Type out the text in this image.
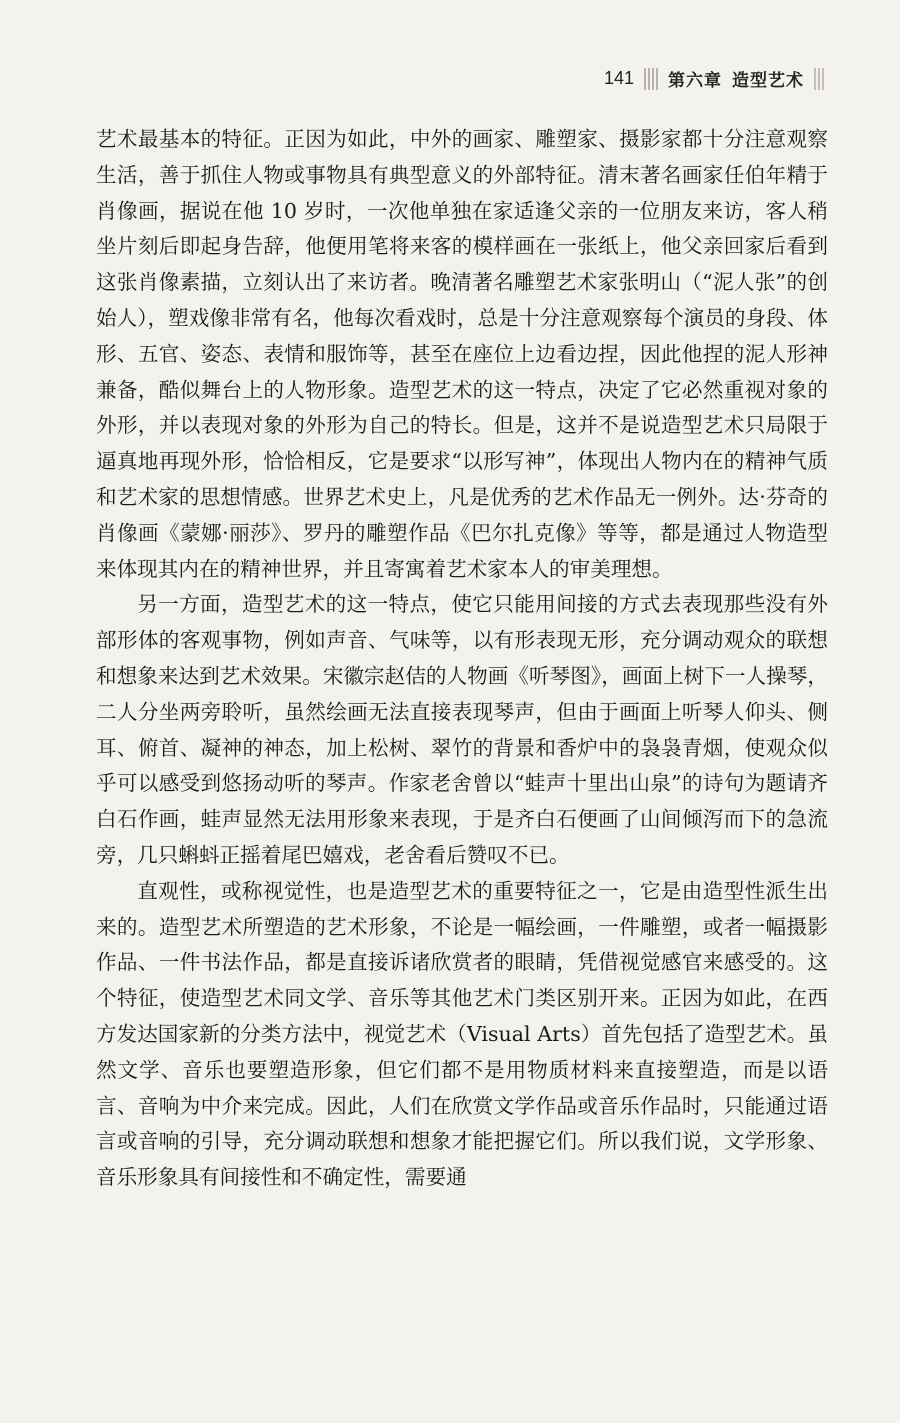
141 第六章 造型艺术

艺术最基本的特征。正因为如此，中外的画家、雕塑家、摄影家都十分注意观察生活，善于抓住人物或事物具有典型意义的外部特征。清末著名画家任伯年精于肖像画，据说在他 10 岁时，一次他单独在家适逢父亲的一位朋友来访，客人稍坐片刻后即起身告辞，他便用笔将来客的模样画在一张纸上，他父亲回家后看到这张肖像素描，立刻认出了来访者。晚清著名雕塑艺术家张明山（“泥人张”的创始人），塑戏像非常有名，他每次看戏时，总是十分注意观察每个演员的身段、体形、五官、姿态、表情和服饰等，甚至在座位上边看边捏，因此他捏的泥人形神兼备，酷似舞台上的人物形象。造型艺术的这一特点，决定了它必然重视对象的外形，并以表现对象的外形为自己的特长。但是，这并不是说造型艺术只局限于逼真地再现外形，恰恰相反，它是要求“以形写神”，体现出人物内在的精神气质和艺术家的思想情感。世界艺术史上，凡是优秀的艺术作品无一例外。达·芬奇的肖像画《蒙娜·丽莎》、罗丹的雕塑作品《巴尔扎克像》等等，都是通过人物造型来体现其内在的精神世界，并且寄寓着艺术家本人的审美理想。

另一方面，造型艺术的这一特点，使它只能用间接的方式去表现那些没有外部形体的客观事物，例如声音、气味等，以有形表现无形，充分调动观众的联想和想象来达到艺术效果。宋徽宗赵佶的人物画《听琴图》，画面上树下一人操琴，二人分坐两旁聆听，虽然绘画无法直接表现琴声，但由于画面上听琴人仰头、侧耳、俯首、凝神的神态，加上松树、翠竹的背景和香炉中的袅袅青烟，使观众似乎可以感受到悠扬动听的琴声。作家老舍曾以“蛙声十里出山泉”的诗句为题请齐白石作画，蛙声显然无法用形象来表现，于是齐白石便画了山间倾泻而下的急流旁，几只蝌蚪正摇着尾巴嬉戏，老舍看后赞叹不已。

直观性，或称视觉性，也是造型艺术的重要特征之一，它是由造型性派生出来的。造型艺术所塑造的艺术形象，不论是一幅绘画，一件雕塑，或者一幅摄影作品、一件书法作品，都是直接诉诸欣赏者的眼睛，凭借视觉感官来感受的。这个特征，使造型艺术同文学、音乐等其他艺术门类区别开来。正因为如此，在西方发达国家新的分类方法中，视觉艺术（Visual Arts）首先包括了造型艺术。虽然文学、音乐也要塑造形象，但它们都不是用物质材料来直接塑造，而是以语言、音响为中介来完成。因此，人们在欣赏文学作品或音乐作品时，只能通过语言或音响的引导，充分调动联想和想象才能把握它们。所以我们说，文学形象、音乐形象具有间接性和不确定性，需要通
